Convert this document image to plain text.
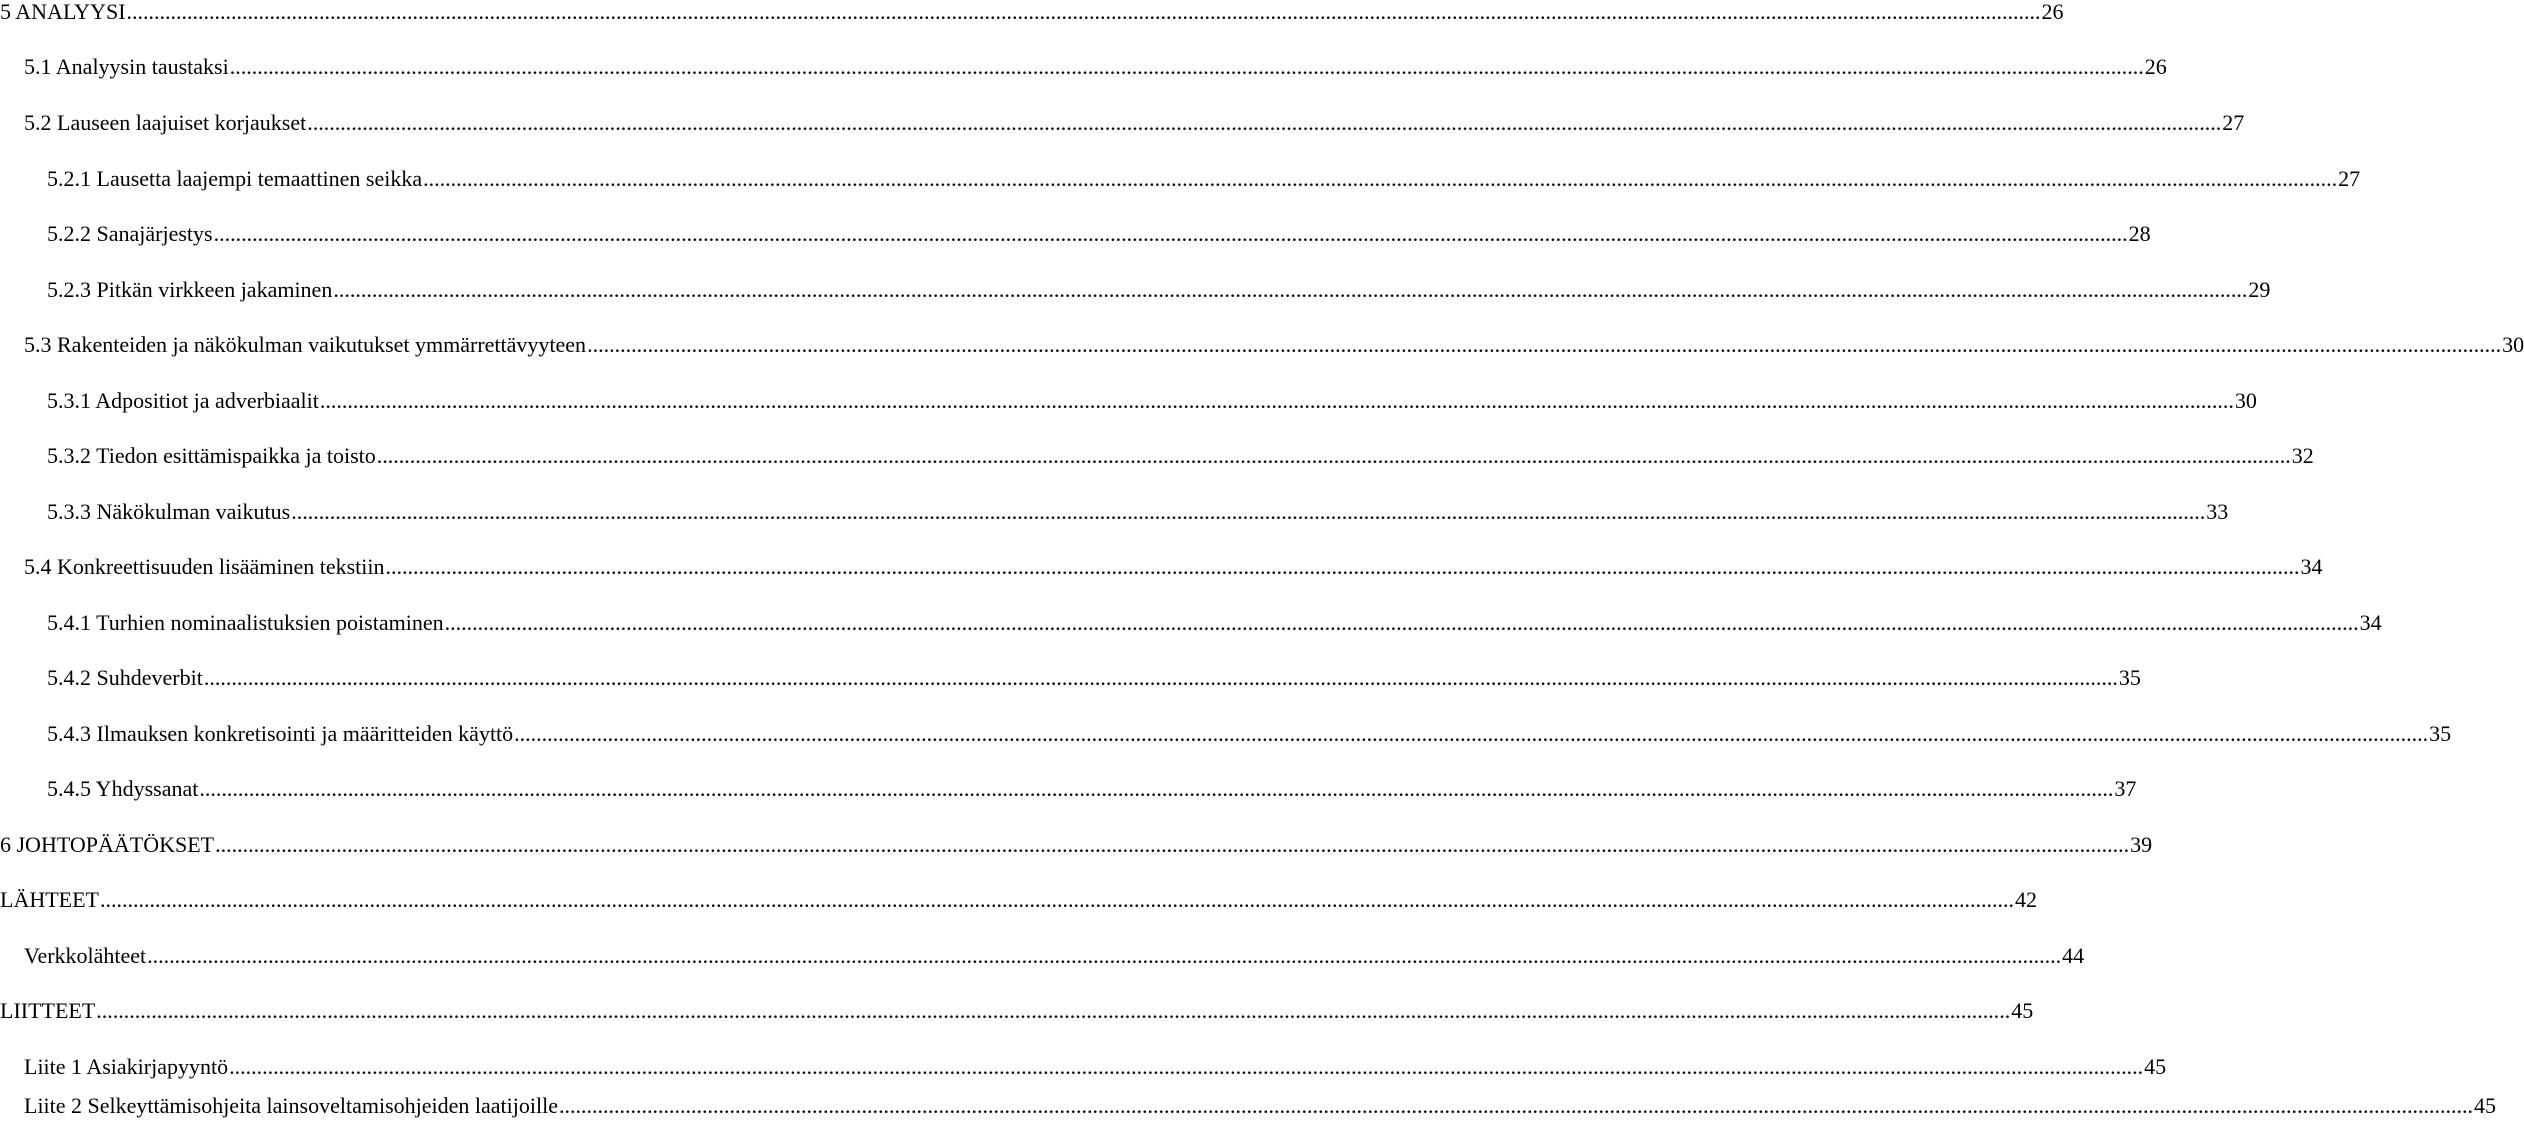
5 ANALYYSI .....	26
5.1 Analyysin taustaksi .....	26
5.2 Lauseen laajuiset korjaukset .....	27
5.2.1 Lausetta laajempi temaattinen seikka .....	27
5.2.2 Sanajärjestys .....	28
5.2.3 Pitkän virkkeen jakaminen .....	29
5.3 Rakenteiden ja näkökulman vaikutukset ymmärrettävyyteen .....	30
5.3.1 Adpositiot ja adverbiaalit .....	30
5.3.2 Tiedon esittämispaikka ja toisto .....	32
5.3.3 Näkökulman vaikutus .....	33
5.4 Konkreettisuuden lisääminen tekstiin .....	34
5.4.1 Turhien nominaalistuksien poistaminen .....	34
5.4.2 Suhdeverbit .....	35
5.4.3 Ilmauksen konkretisointi ja määritteiden käyttö .....	35
5.4.5 Yhdyssanat .....	37
6 JOHTOPÄÄTÖKSET .....	39
LÄHTEET .....	42
Verkkolähteet .....	44
LIITTEET .....	45
Liite 1 Asiakirjapyyntö .....	45
Liite 2 Selkeyttämisohjeita lainsoveltamisohjeiden laatijoille .....	45
